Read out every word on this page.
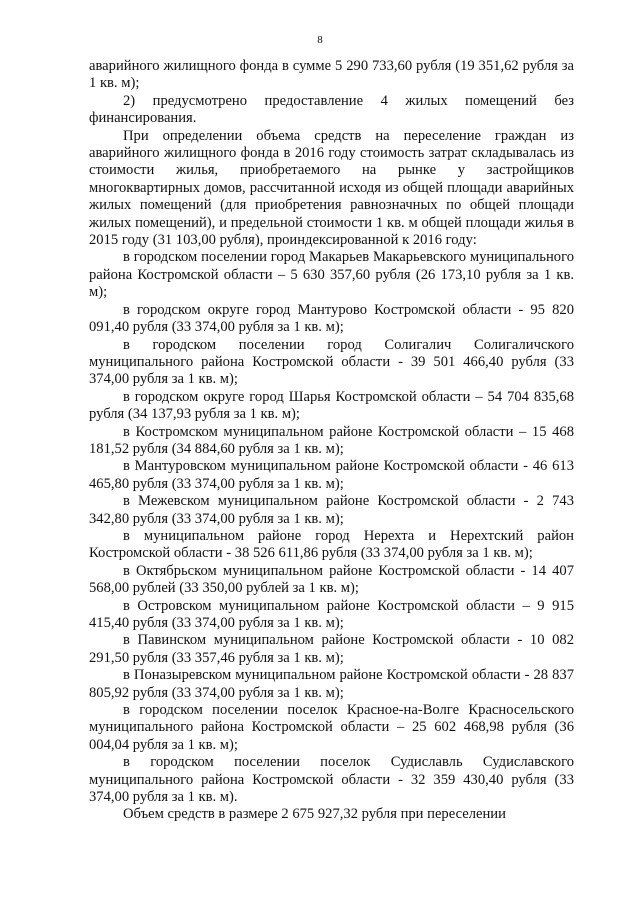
8

аварийного жилищного фонда в сумме 5 290 733,60 рубля (19 351,62 рубля за 1 кв. м);

2) предусмотрено предоставление 4 жилых помещений без финансирования.

При определении объема средств на переселение граждан из аварийного жилищного фонда в 2016 году стоимость затрат складывалась из стоимости жилья, приобретаемого на рынке у застройщиков многоквартирных домов, рассчитанной исходя из общей площади аварийных жилых помещений (для приобретения равнозначных по общей площади жилых помещений), и предельной стоимости 1 кв. м общей площади жилья в 2015 году (31 103,00 рубля), проиндексированной к 2016 году:

в городском поселении город Макарьев Макарьевского муниципального района Костромской области – 5 630 357,60 рубля (26 173,10 рубля за 1 кв. м);

в городском округе город Мантурово Костромской области - 95 820 091,40 рубля (33 374,00 рубля за 1 кв. м);

в городском поселении город Солигалич Солигаличского муниципального района Костромской области - 39 501 466,40 рубля (33 374,00 рубля за 1 кв. м);

в городском округе город Шарья Костромской области – 54 704 835,68 рубля (34 137,93 рубля за 1 кв. м);

в Костромском муниципальном районе Костромской области – 15 468 181,52 рубля (34 884,60 рубля за 1 кв. м);

в Мантуровском муниципальном районе Костромской области - 46 613 465,80 рубля (33 374,00 рубля за 1 кв. м);

в Межевском муниципальном районе Костромской области - 2 743 342,80 рубля (33 374,00 рубля за 1 кв. м);

в муниципальном районе город Нерехта и Нерехтский район Костромской области - 38 526 611,86 рубля (33 374,00 рубля за 1 кв. м);

в Октябрьском муниципальном районе Костромской области - 14 407 568,00 рублей (33 350,00 рублей за 1 кв. м);

в Островском муниципальном районе Костромской области – 9 915 415,40 рубля (33 374,00 рубля за 1 кв. м);

в Павинском муниципальном районе Костромской области - 10 082 291,50 рубля (33 357,46 рубля за 1 кв. м);

в Поназыревском муниципальном районе Костромской области - 28 837 805,92 рубля (33 374,00 рубля за 1 кв. м);

в городском поселении поселок Красное-на-Волге Красносельского муниципального района Костромской области – 25 602 468,98 рубля (36 004,04 рубля за 1 кв. м);

в городском поселении поселок Судиславль Судиславского муниципального района Костромской области - 32 359 430,40 рубля (33 374,00 рубля за 1 кв. м).

Объем средств в размере 2 675 927,32 рубля при переселении
